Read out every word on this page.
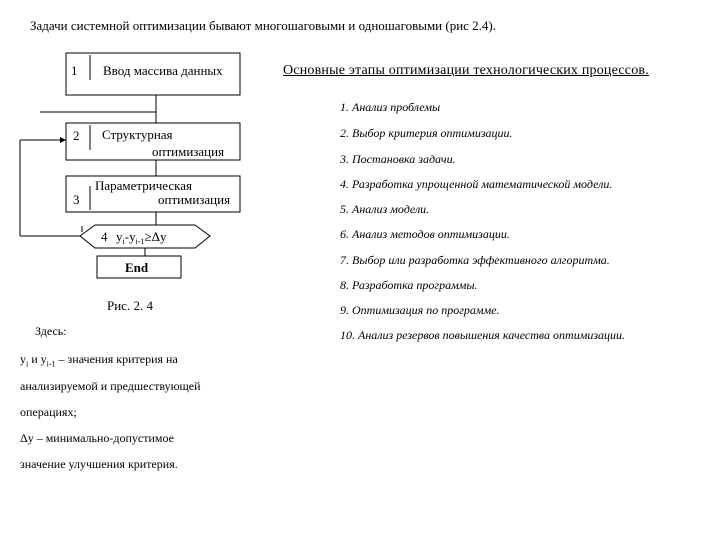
Задачи системной оптимизации бывают многошаговыми и одношаговыми (рис 2.4).
1 Ввод массива данных
2 Структурная
оптимизация
3
Параметрическая
оптимизация
4 $y_i-y_{i-1}\ge\Delta y$
End
Рис. 2. 4
Здесь:
$y_i$ и $y_{i-1}$ – значения критерия на
анализируемой и предшествующей
операциях;
Δy – минимально-допустимое
значение улучшения критерия.
Основные этапы оптимизации технологических процессов.
1. Анализ проблемы
2. Выбор критерия оптимизации.
3. Постановка задачи.
4. Разработка упрощенной математической модели.
5. Анализ модели.
6. Анализ методов оптимизации.
7. Выбор или разработка эффективного алгоритма.
8. Разработка программы.
9. Оптимизация по программе.
10. Анализ резервов повышения качества оптимизации.
